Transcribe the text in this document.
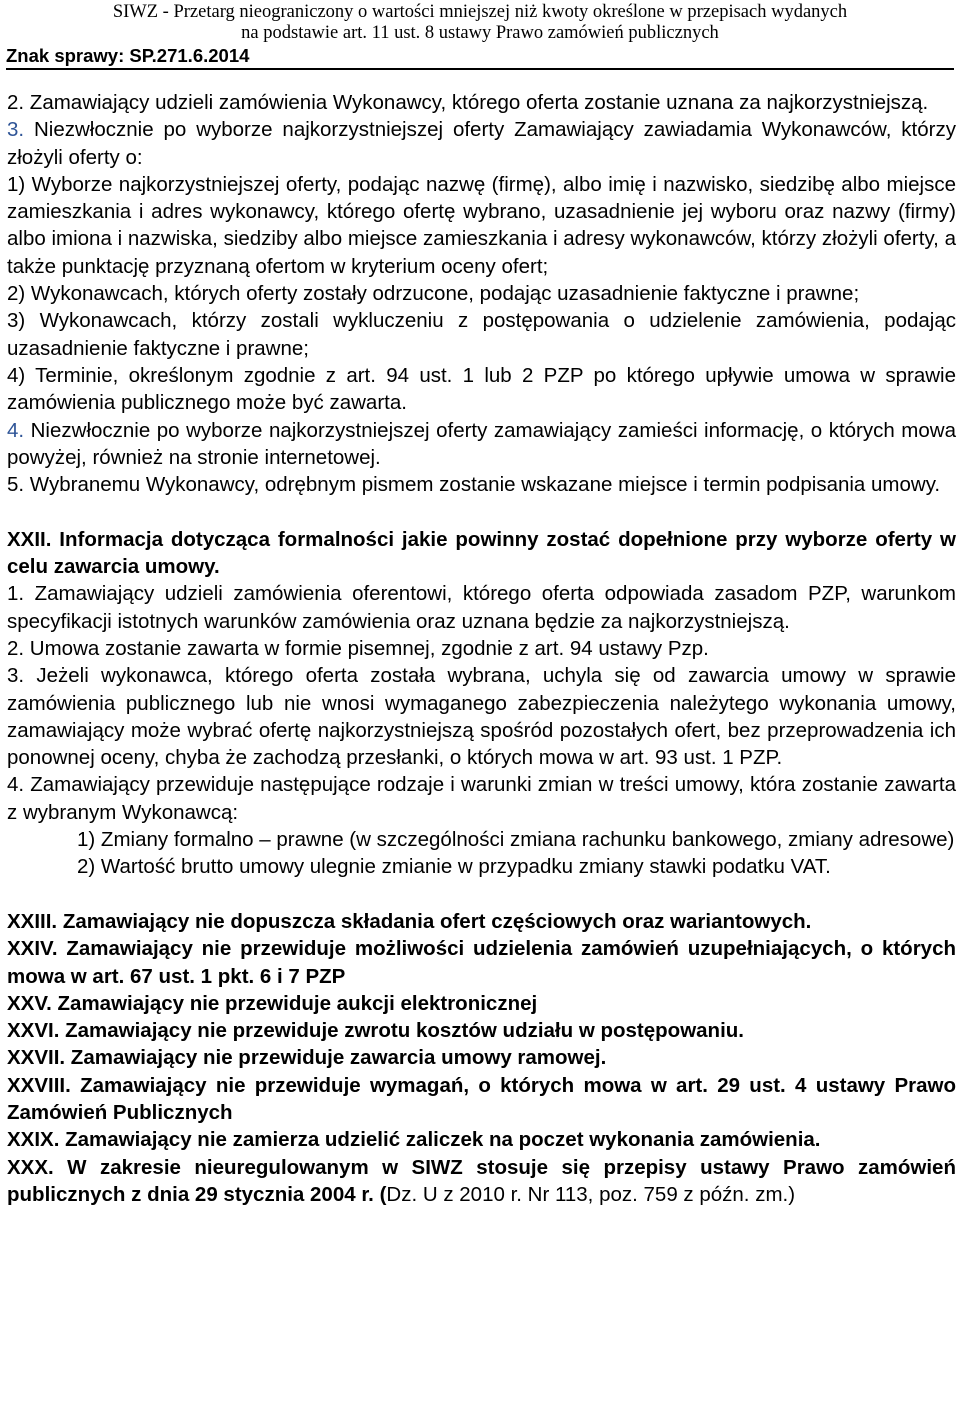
SIWZ - Przetarg nieograniczony o wartości mniejszej niż kwoty określone w przepisach wydanych
na podstawie art. 11 ust. 8 ustawy Prawo zamówień publicznych
Znak sprawy: SP.271.6.2014

2. Zamawiający udzieli zamówienia Wykonawcy, którego oferta zostanie uznana za najkorzystniejszą.

3. Niezwłocznie po wyborze najkorzystniejszej oferty Zamawiający zawiadamia Wykonawców, którzy złożyli oferty o:

1) Wyborze najkorzystniejszej oferty, podając nazwę (firmę), albo imię i nazwisko, siedzibę albo miejsce zamieszkania i adres wykonawcy, którego ofertę wybrano, uzasadnienie jej wyboru oraz nazwy (firmy) albo imiona i nazwiska, siedziby albo miejsce zamieszkania i adresy wykonawców, którzy złożyli oferty, a także punktację przyznaną ofertom w kryterium oceny ofert;

2) Wykonawcach, których oferty zostały odrzucone, podając uzasadnienie faktyczne i prawne;

3) Wykonawcach, którzy zostali wykluczeniu z postępowania o udzielenie zamówienia, podając uzasadnienie faktyczne i prawne;

4) Terminie, określonym zgodnie z art. 94 ust. 1 lub 2 PZP po którego upływie umowa w sprawie zamówienia publicznego może być zawarta.

4. Niezwłocznie po wyborze najkorzystniejszej oferty zamawiający zamieści informację, o których mowa powyżej, również na stronie internetowej.

5. Wybranemu Wykonawcy, odrębnym pismem zostanie wskazane miejsce i termin podpisania umowy.

XXII. Informacja dotycząca formalności jakie powinny zostać dopełnione przy wyborze oferty w celu zawarcia umowy.

1. Zamawiający udzieli zamówienia oferentowi, którego oferta odpowiada zasadom PZP, warunkom specyfikacji istotnych warunków zamówienia oraz uznana będzie za najkorzystniejszą.

2. Umowa zostanie zawarta w formie pisemnej, zgodnie z art. 94 ustawy Pzp.

3. Jeżeli wykonawca, którego oferta została wybrana, uchyla się od zawarcia umowy w sprawie zamówienia publicznego lub nie wnosi wymaganego zabezpieczenia należytego wykonania umowy, zamawiający może wybrać ofertę najkorzystniejszą spośród pozostałych ofert, bez przeprowadzenia ich ponownej oceny, chyba że zachodzą przesłanki, o których mowa w art. 93 ust. 1 PZP.

4. Zamawiający przewiduje następujące rodzaje i warunki zmian w treści umowy, która zostanie zawarta z wybranym Wykonawcą:

1) Zmiany formalno – prawne (w szczególności zmiana rachunku bankowego, zmiany adresowe)

2) Wartość brutto umowy ulegnie zmianie w przypadku zmiany stawki podatku VAT.

XXIII. Zamawiający nie dopuszcza składania ofert częściowych oraz wariantowych.

XXIV. Zamawiający nie przewiduje możliwości udzielenia zamówień uzupełniających, o których mowa w art. 67 ust. 1 pkt. 6 i 7 PZP

XXV. Zamawiający nie przewiduje aukcji elektronicznej

XXVI. Zamawiający nie przewiduje zwrotu kosztów udziału w postępowaniu.

XXVII. Zamawiający nie przewiduje zawarcia umowy ramowej.

XXVIII. Zamawiający nie przewiduje wymagań, o których mowa w art. 29 ust. 4 ustawy Prawo Zamówień Publicznych

XXIX. Zamawiający nie zamierza udzielić zaliczek na poczet wykonania zamówienia.

XXX. W zakresie nieuregulowanym w SIWZ stosuje się przepisy ustawy Prawo zamówień publicznych z dnia 29 stycznia 2004 r. (Dz. U z 2010 r. Nr 113, poz. 759 z późn. zm.)
